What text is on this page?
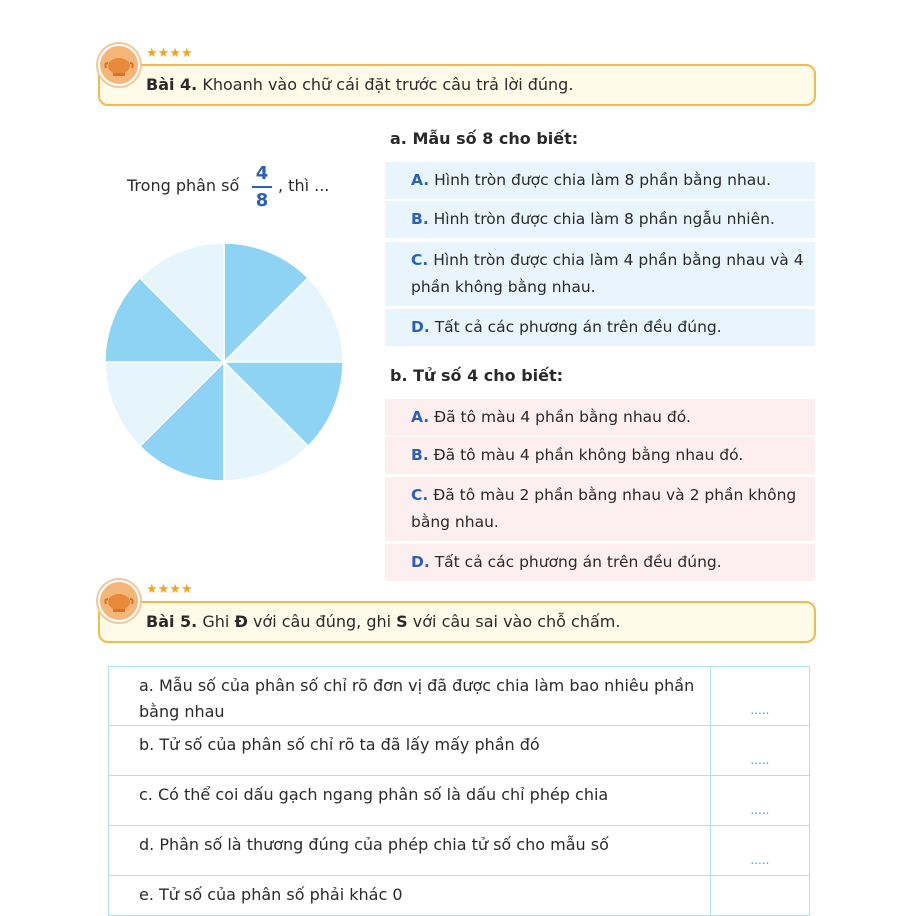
★★★★
Bài 4. Khoanh vào chữ cái đặt trước câu trả lời đúng.
Trong phân số
4
8
, thì ...
a. Mẫu số 8 cho biết:
A. Hình tròn được chia làm 8 phần bằng nhau.
B. Hình tròn được chia làm 8 phần ngẫu nhiên.
C. Hình tròn được chia làm 4 phần bằng nhau và 4 phần không bằng nhau.
D. Tất cả các phương án trên đều đúng.
b. Tử số 4 cho biết:
A. Đã tô màu 4 phần bằng nhau đó.
B. Đã tô màu 4 phần không bằng nhau đó.
C. Đã tô màu 2 phần bằng nhau và 2 phần không bằng nhau.
D. Tất cả các phương án trên đều đúng.
★★★★
Bài 5. Ghi Đ với câu đúng, ghi S với câu sai vào chỗ chấm.
a. Mẫu số của phân số chỉ rõ đơn vị đã được chia làm bao nhiêu phần bằng nhau	.....
b. Tử số của phân số chỉ rõ ta đã lấy mấy phần đó	.....
c. Có thể coi dấu gạch ngang phân số là dấu chỉ phép chia	.....
d. Phân số là thương đúng của phép chia tử số cho mẫu số	.....
e. Tử số của phân số phải khác 0	
